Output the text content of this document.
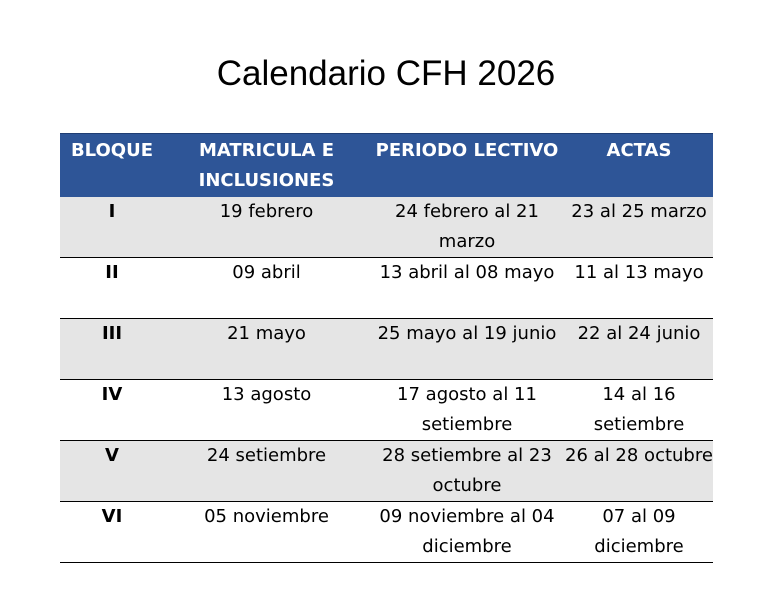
Calendario CFH 2026
BLOQUE	MATRICULA E INCLUSIONES	PERIODO LECTIVO	ACTAS
I	19 febrero	24 febrero al 21 marzo	23 al 25 marzo
II	09 abril	13 abril al 08 mayo	11 al 13 mayo
III	21 mayo	25 mayo al 19 junio	22 al 24 junio
IV	13 agosto	17 agosto al 11 setiembre	14 al 16 setiembre
V	24 setiembre	28 setiembre al 23 octubre	26 al 28 octubre
VI	05 noviembre	09 noviembre al 04 diciembre	07 al 09 diciembre
